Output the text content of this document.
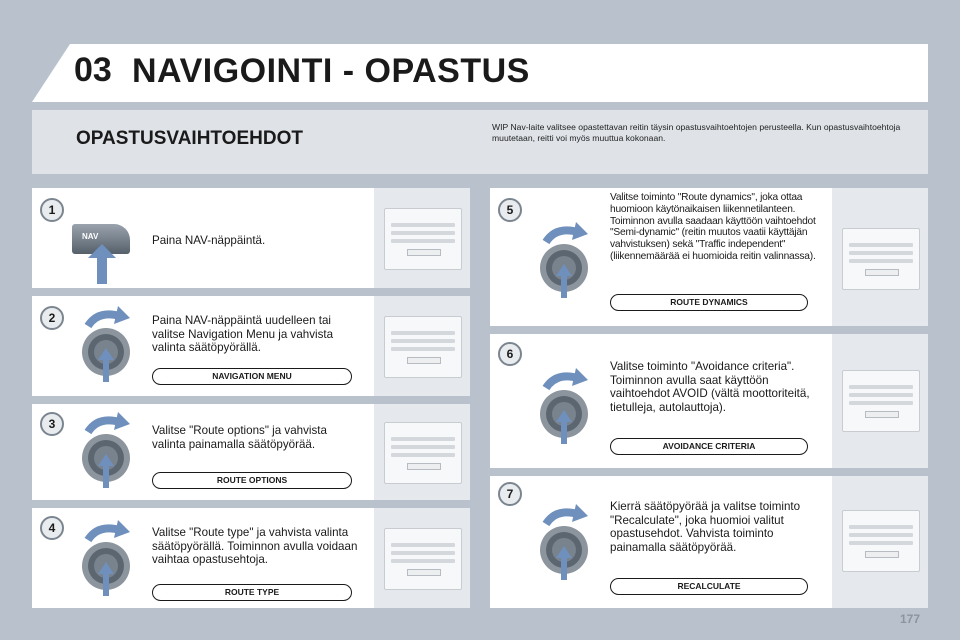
03 NAVIGOINTI - OPASTUS
OPASTUSVAIHTOEHDOT
WIP Nav-laite valitsee opastettavan reitin täysin opastusvaihtoehtojen perusteella. Kun opastusvaihtoehtoja muutetaan, reitti voi myös muuttua kokonaan.
1
NAV	Paina NAV-näppäintä.
2	Paina NAV-näppäintä uudelleen tai valitse Navigation Menu ja vahvista valinta säätöpyörällä.
NAVIGATION MENU
3	Valitse "Route options" ja vahvista valinta painamalla säätöpyörää.
ROUTE OPTIONS
4	Valitse "Route type" ja vahvista valinta säätöpyörällä. Toiminnon avulla voidaan vaihtaa opastusehtoja.
ROUTE TYPE
5
Valitse toiminto "Route dynamics", joka ottaa huomioon käytönaikaisen liikennetilanteen. Toiminnon avulla saadaan käyttöön vaihtoehdot "Semi-dynamic" (reitin muutos vaatii käyttäjän vahvistuksen) sekä "Traffic independent" (liikennemäärää ei huomioida reitin valinnassa).
ROUTE DYNAMICS
6
Valitse toiminto "Avoidance criteria". Toiminnon avulla saat käyttöön vaihtoehdot AVOID (vältä moottoriteitä, tietulleja, autolauttoja).
AVOIDANCE CRITERIA
7
Kierrä säätöpyörää ja valitse toiminto "Recalculate", joka huomioi valitut opastusehdot. Vahvista toiminto painamalla säätöpyörää.
RECALCULATE
177
